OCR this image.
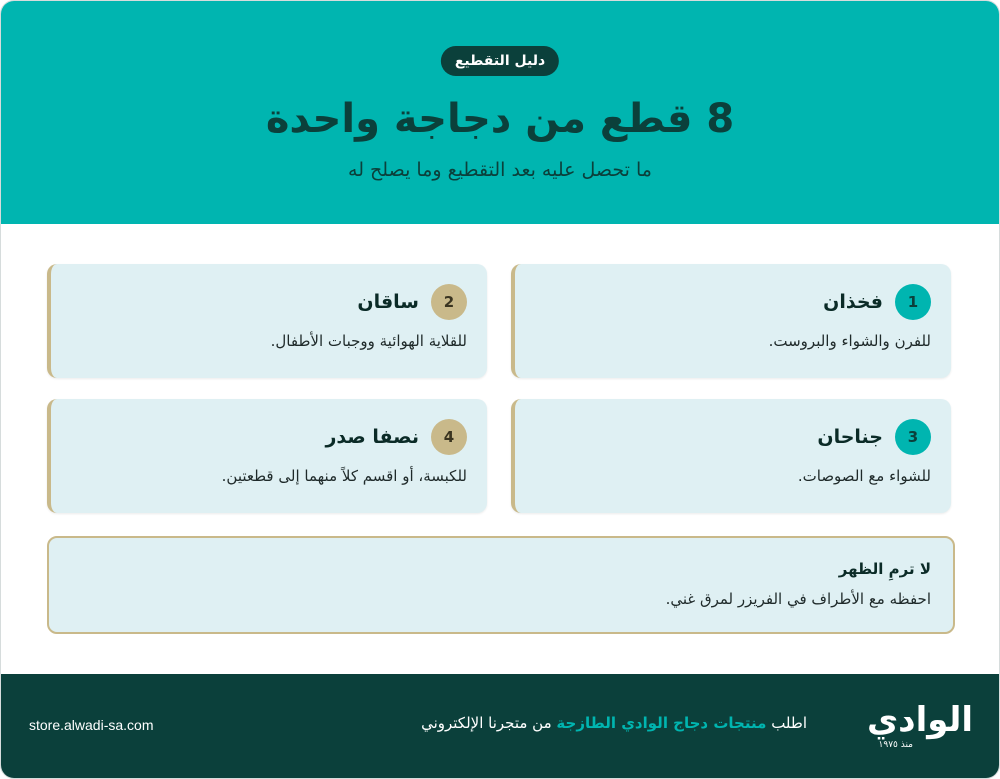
دليل التقطيع
8 قطع من دجاجة واحدة

ما تحصل عليه بعد التقطيع وما يصلح له

1
فخذان
للفرن والشواء والبروست.
2
ساقان
للقلاية الهوائية ووجبات الأطفال.
3
جناحان
للشواء مع الصوصات.
4
نصفا صدر
للكبسة، أو اقسم كلاً منهما إلى قطعتين.
لا ترمِ الظهر
احفظه مع الأطراف في الفريزر لمرق غني.
الوادي
منذ ١٩٧٥
اطلب منتجات دجاج الوادي الطازجة من متجرنا الإلكتروني
store.alwadi-sa.com
